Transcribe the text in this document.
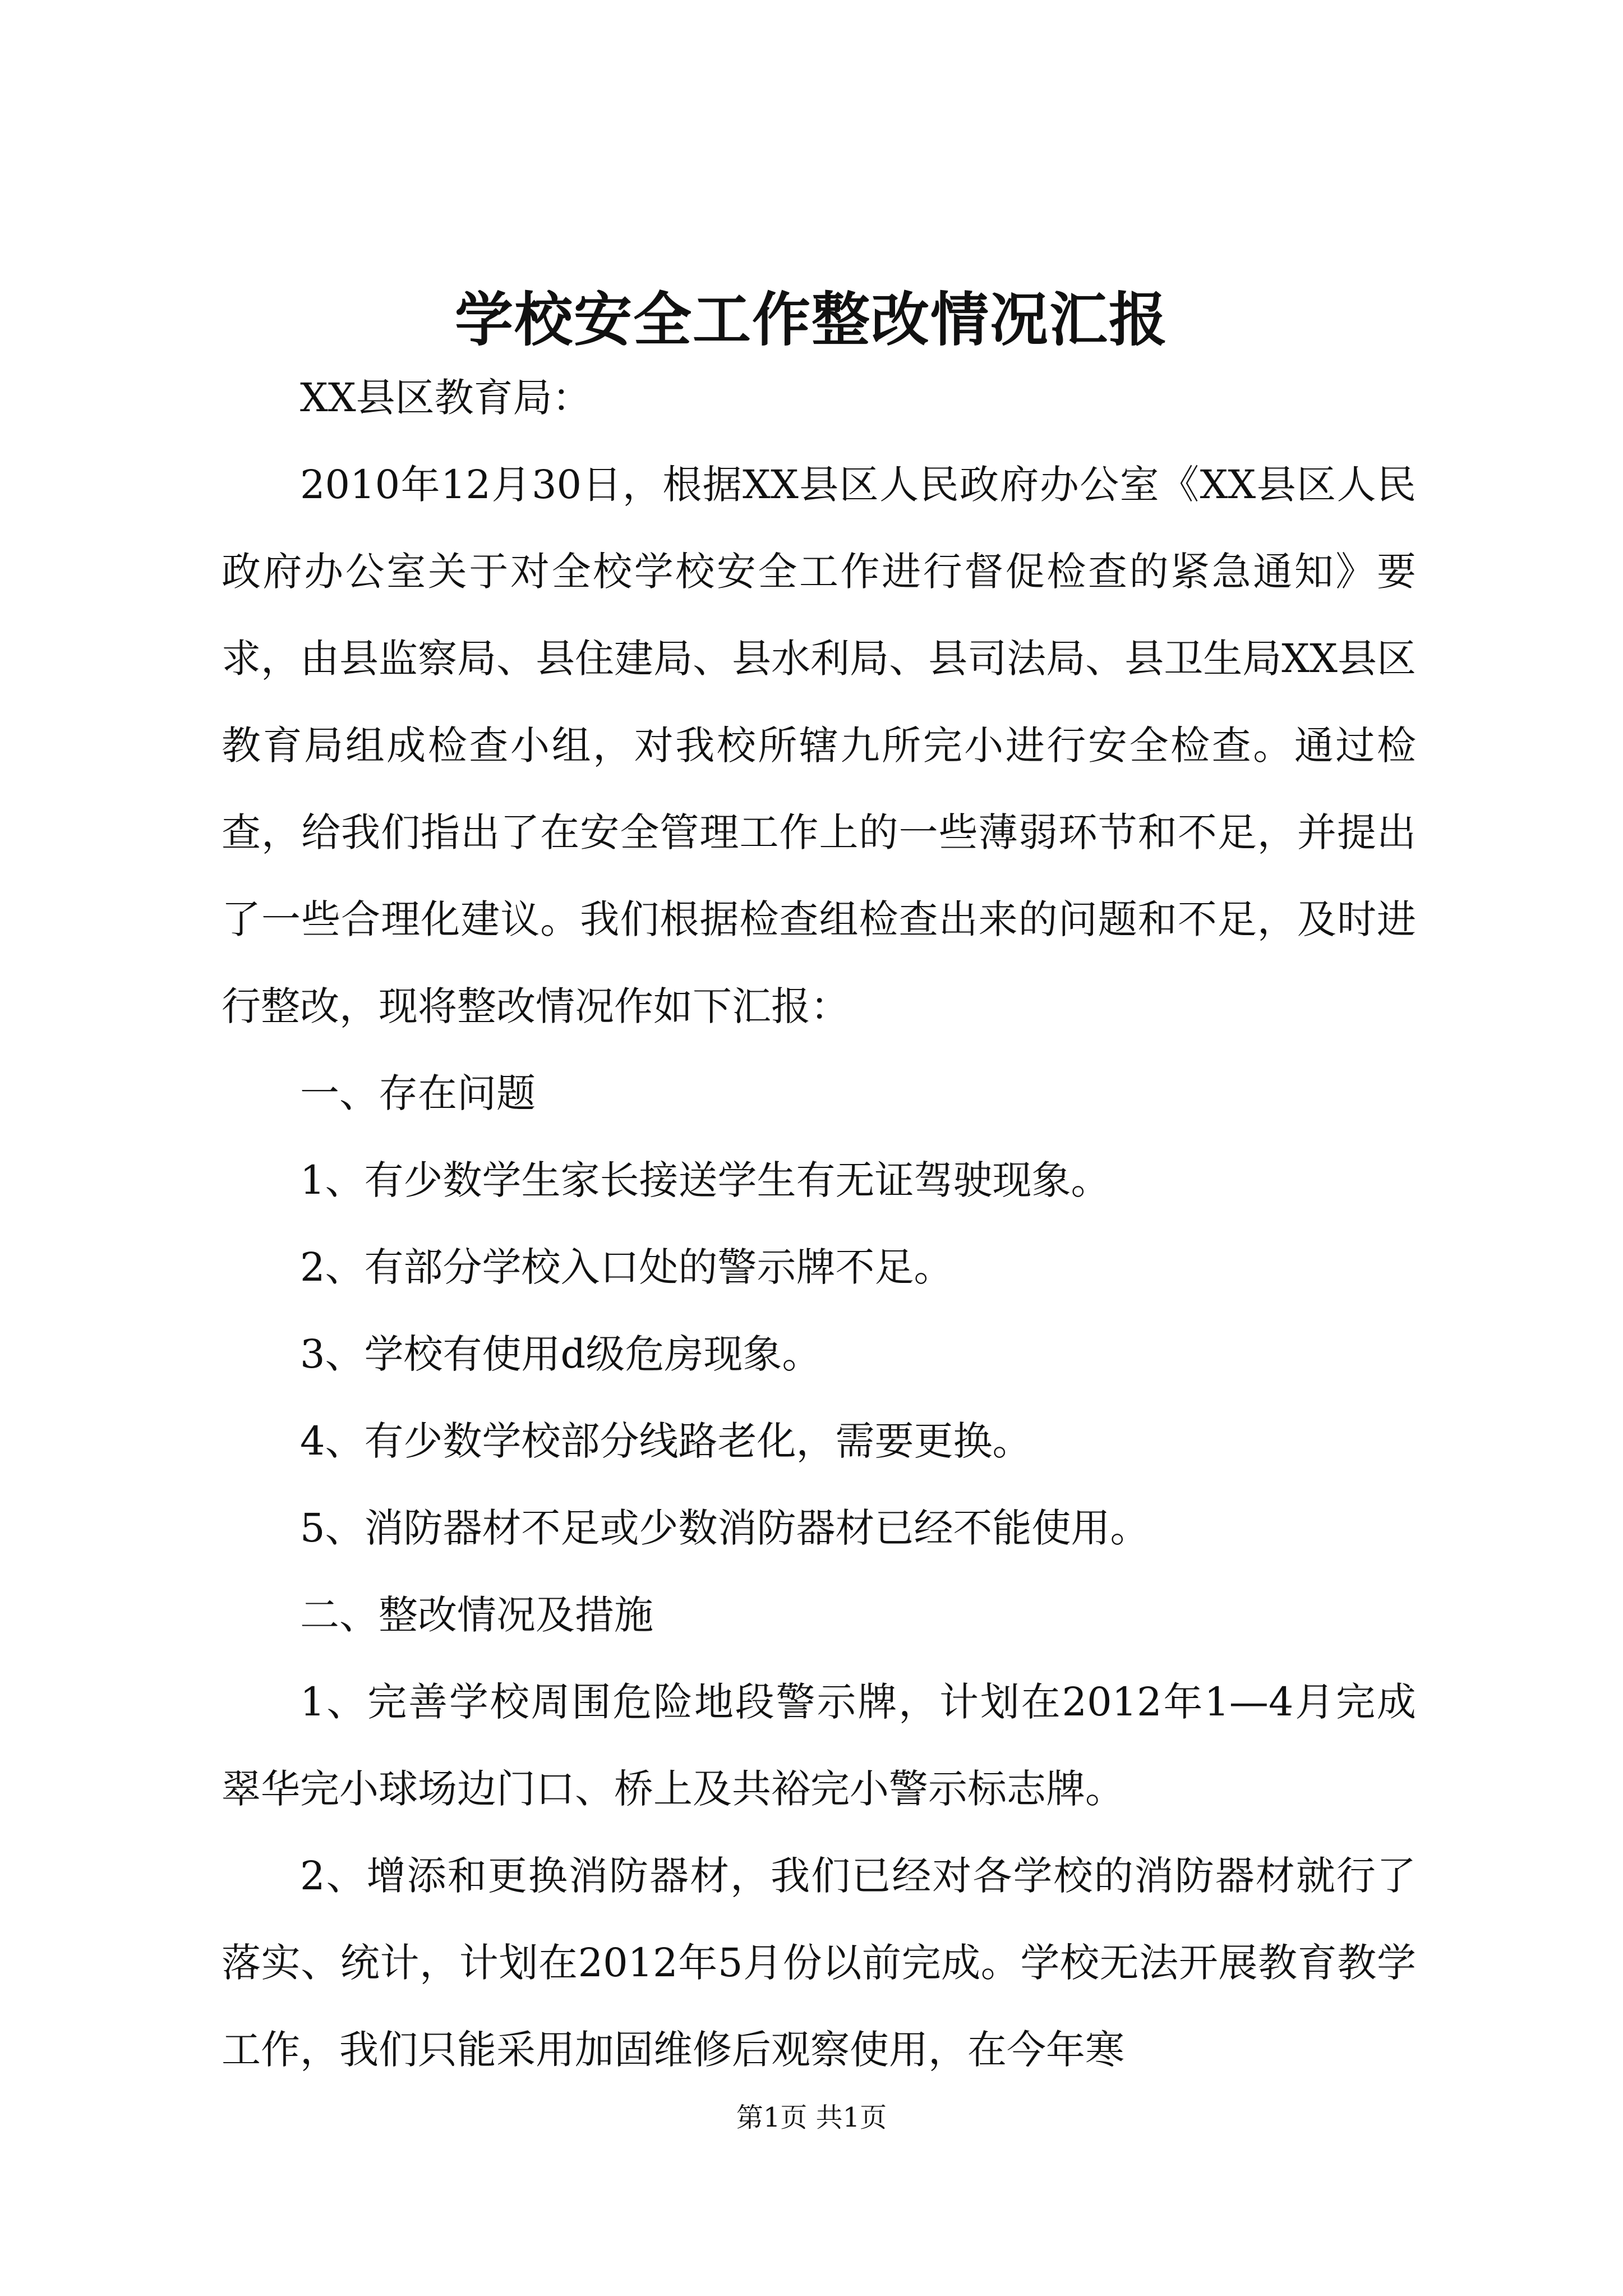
学校安全工作整改情况汇报

XX县区教育局：

2010年12月30日，根据XX县区人民政府办公室《XX县区人民政府办公室关于对全校学校安全工作进行督促检查的紧急通知》要求，由县监察局、县住建局、县水利局、县司法局、县卫生局XX县区教育局组成检查小组，对我校所辖九所完小进行安全检查。通过检查，给我们指出了在安全管理工作上的一些薄弱环节和不足，并提出了一些合理化建议。我们根据检查组检查出来的问题和不足，及时进行整改，现将整改情况作如下汇报：

一、存在问题

1、有少数学生家长接送学生有无证驾驶现象。

2、有部分学校入口处的警示牌不足。

3、学校有使用d级危房现象。

4、有少数学校部分线路老化，需要更换。

5、消防器材不足或少数消防器材已经不能使用。

二、整改情况及措施

1、完善学校周围危险地段警示牌，计划在2012年1—4月完成翠华完小球场边门口、桥上及共裕完小警示标志牌。

2、增添和更换消防器材，我们已经对各学校的消防器材就行了落实、统计，计划在2012年5月份以前完成。学校无法开展教育教学工作，我们只能采用加固维修后观察使用，在今年寒

第1页 共1页
